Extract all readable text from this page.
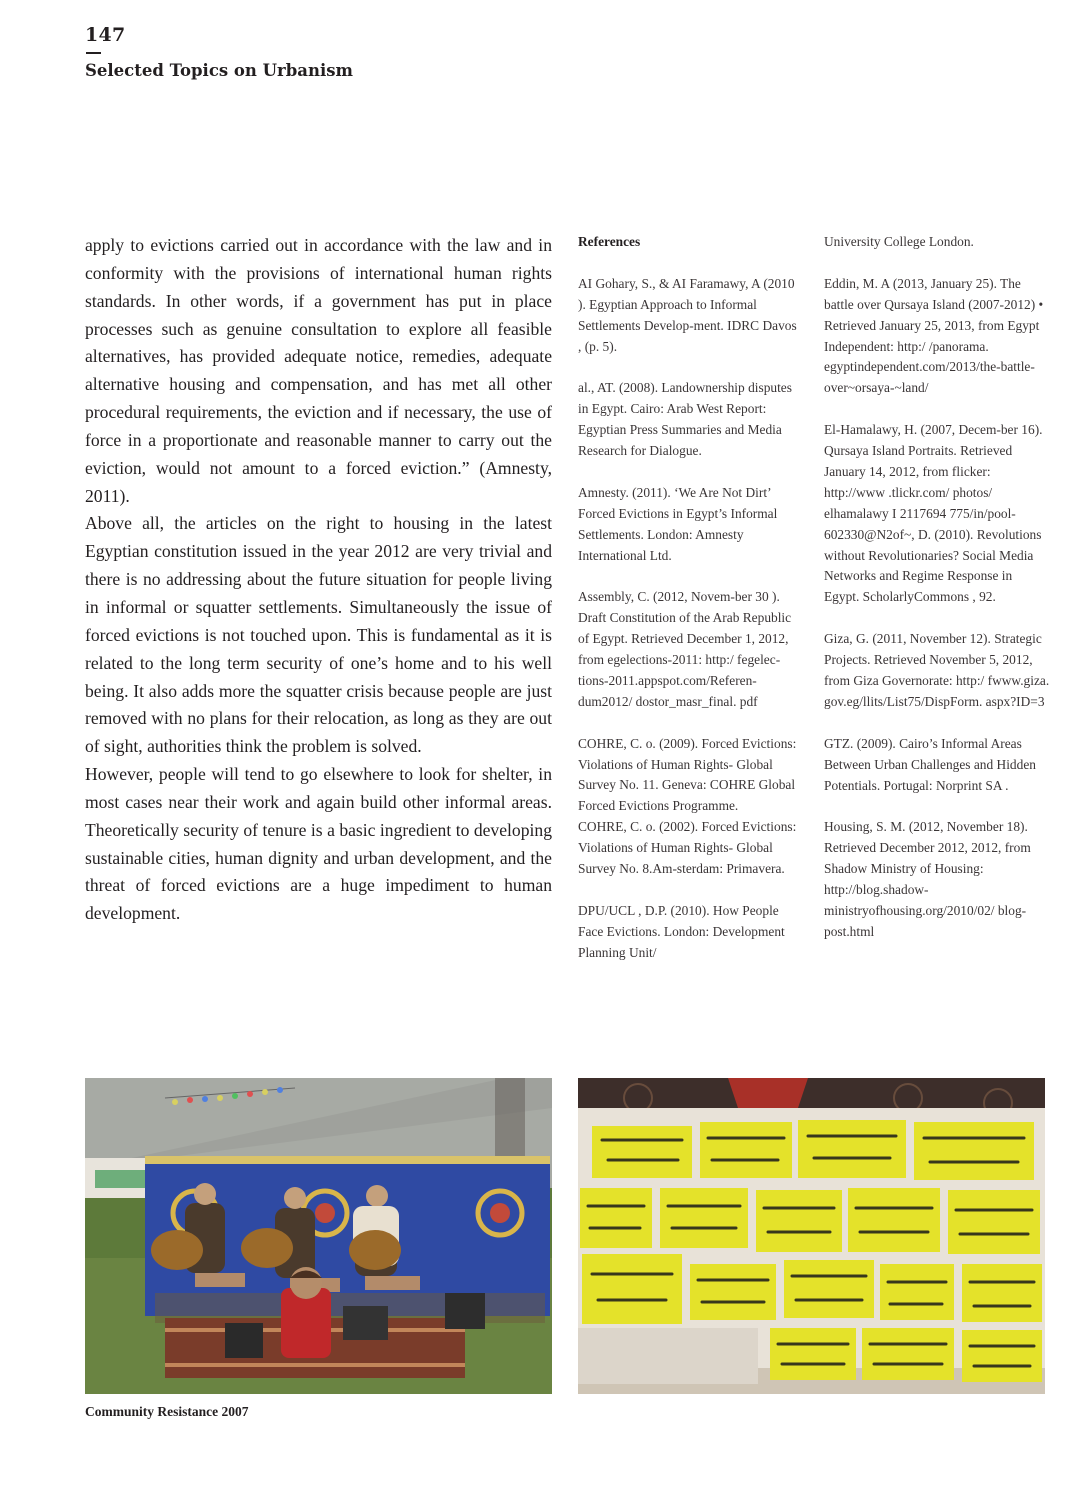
147
Selected Topics on Urbanism

apply to evictions carried out in accordance with the law and in conformity with the provisions of international human rights standards. In other words, if a government has put in place processes such as genuine consultation to explore all feasible alternatives, has provided adequate notice, remedies, adequate alternative housing and compensation, and has met all other procedural requirements, the eviction and if necessary, the use of force in a proportionate and reasonable manner to carry out the eviction, would not amount to a forced eviction.” (Amnesty, 2011).

Above all, the articles on the right to housing in the latest Egyptian constitution issued in the year 2012 are very trivial and there is no addressing about the future situation for people living in informal or squatter settlements. Simultaneously the issue of forced evictions is not touched upon. This is fundamental as it is related to the long term security of one’s home and to his well being. It also adds more the squatter crisis because people are just removed with no plans for their relocation, as long as they are out of sight, authorities think the problem is solved.

However, people will tend to go elsewhere to look for shelter, in most cases near their work and again build other informal areas. Theoretically security of tenure is a basic ingredient to developing sustainable cities, human dignity and urban development, and the threat of forced evictions are a huge impediment to human development.

References

AI Gohary, S., & AI Faramawy, A (2010 ). Egyptian Approach to Informal Settlements Develop-ment. IDRC Davos , (p. 5).

al., AT. (2008). Landownership disputes in Egypt. Cairo: Arab West Report: Egyptian Press Summaries and Media Research for Dialogue.

Amnesty. (2011). ‘We Are Not Dirt’ Forced Evictions in Egypt’s Informal Settlements. London: Amnesty International Ltd.

Assembly, C. (2012, Novem-ber 30 ). Draft Constitution of the Arab Republic of Egypt. Retrieved December 1, 2012, from egelections-2011: http:/ fegelec-tions-2011.appspot.com/Referen-dum2012/ dostor_masr_final. pdf

COHRE, C. o. (2009). Forced Evictions: Violations of Human Rights- Global Survey No. 11. Geneva: COHRE Global Forced Evictions Programme.

COHRE, C. o. (2002). Forced Evictions: Violations of Human Rights- Global Survey No. 8.Am-sterdam: Primavera.

DPU/UCL , D.P. (2010). How People Face Evictions. London: Development Planning Unit/

University College London.

Eddin, M. A (2013, January 25). The battle over Qursaya Island (2007-2012) • Retrieved January 25, 2013, from Egypt Independent: http:/ /panorama. egyptindependent.com/2013/the-battle- over~orsaya-~land/

El-Hamalawy, H. (2007, Decem-ber 16). Qursaya Island Portraits. Retrieved January 14, 2012, from flicker: http://www .tlickr.com/ photos/ elhamalawy I 2117694 775/in/pool-602330@N2of~, D. (2010). Revolutions without Revolutionaries? Social Media Networks and Regime Response in Egypt. ScholarlyCommons , 92.

Giza, G. (2011, November 12). Strategic Projects. Retrieved November 5, 2012, from Giza Governorate: http:/ fwww.giza. gov.eg/llits/List75/DispForm. aspx?ID=3

GTZ. (2009). Cairo’s Informal Areas Between Urban Challenges and Hidden Potentials. Portugal: Norprint SA .

Housing, S. M. (2012, November 18). Retrieved December 2012, 2012, from Shadow Ministry of Housing: http://blog.shadow-ministryofhousing.org/2010/02/ blog-post.html

Community Resistance 2007
